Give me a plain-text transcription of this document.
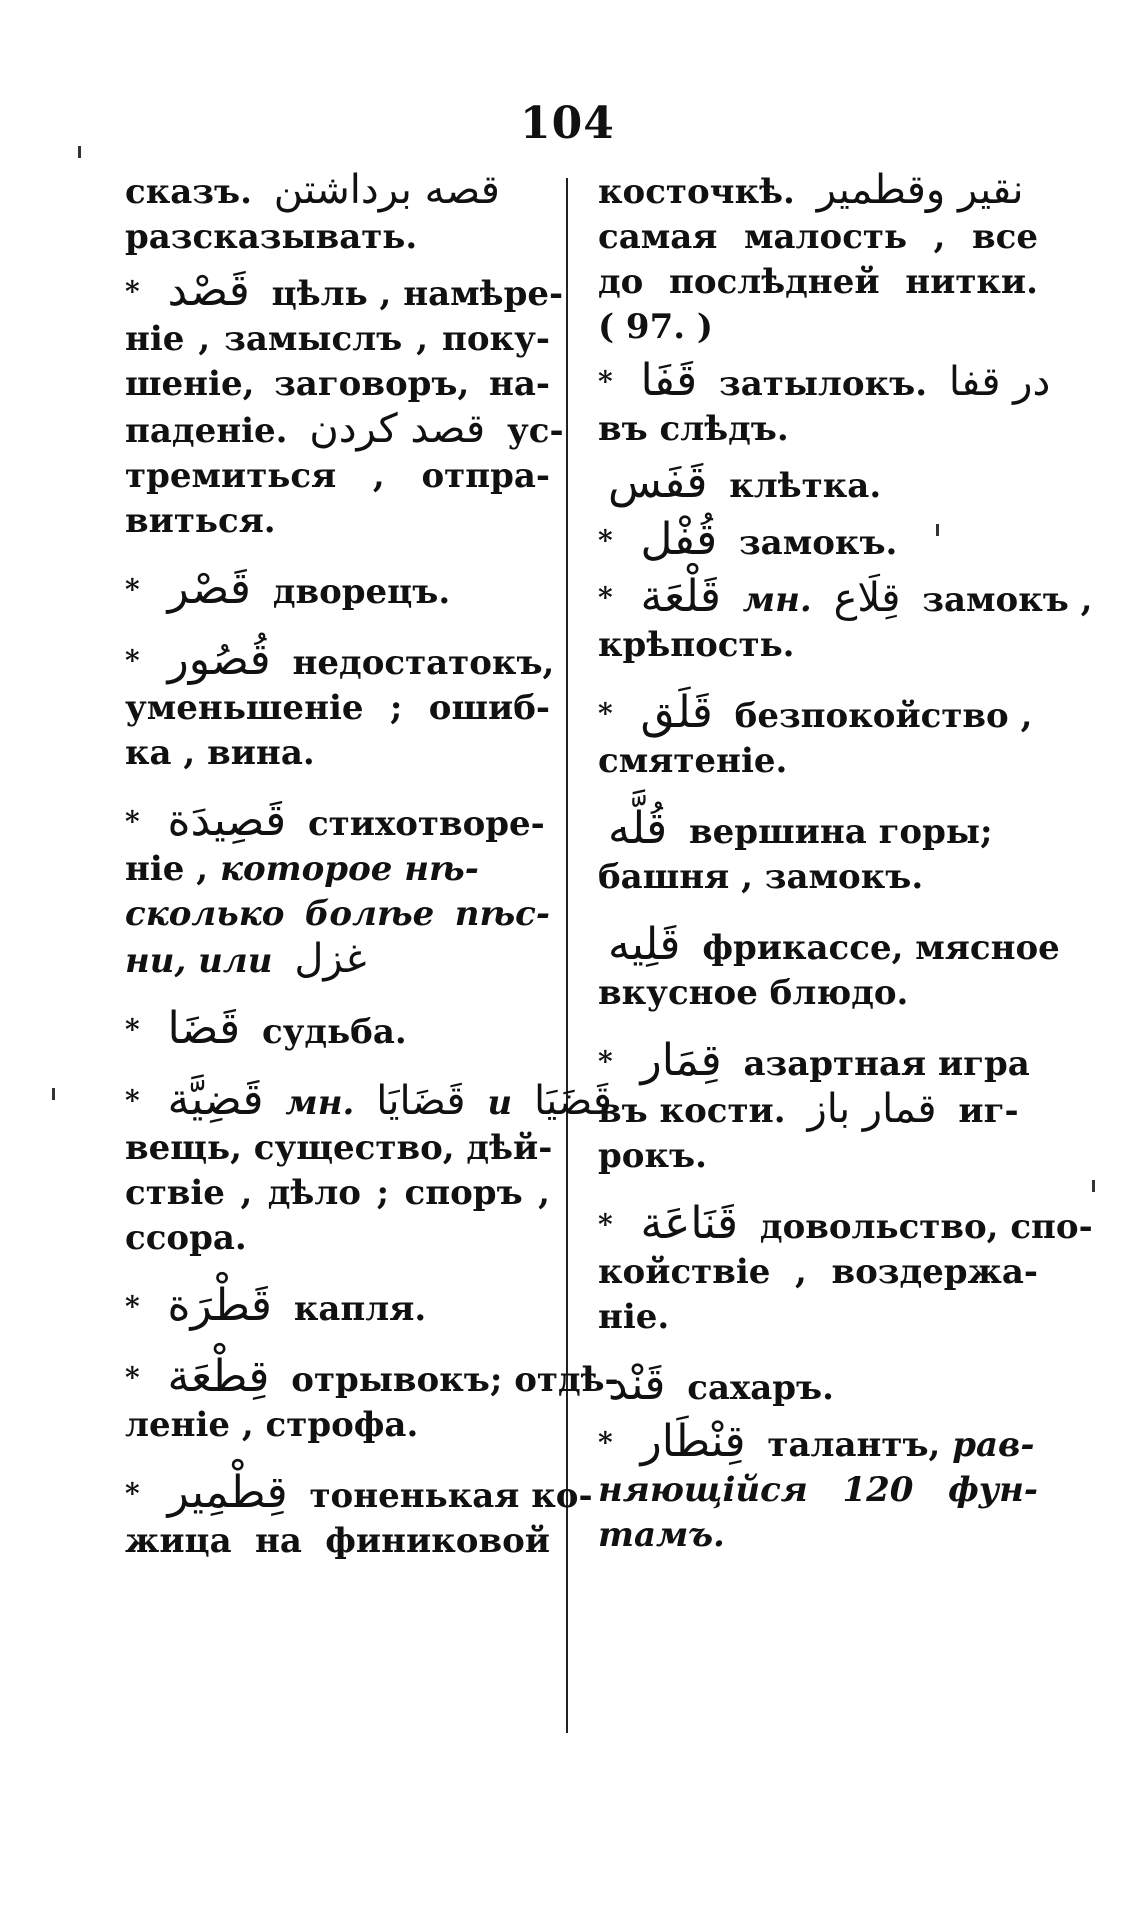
104
сказъ. قصه برداشتن
разсказывать.
* قَصْد цѣль , намѣре-
ніе , замыслъ , поку-
шеніе, заговоръ, на-
паденіе. قصد كردن ус-
тремиться , отпра-
виться.
* قَصْر дворецъ.
* قُصُور недостатокъ,
уменьшеніе ; ошиб-
ка , вина.
* قَصِيدَة стихотворе-
ніе , которое нѣ-
сколько болѣе пѣс-
ни, или غزل
* قَضَا судьба.
* قَضِيَّة мн. قَضَايَا и قَضَيَا
вещь, существо, дѣй-
ствіе , дѣло ; споръ ,
ссора.
* قَطْرَة капля.
* قِطْعَة отрывокъ; отдѣ-
леніе , строфа.
* قِطْمِير тоненькая ко-
жица на финиковой
косточкѣ. نقير وقطمير
самая малость , все
до послѣдней нитки.
( 97. )
* قَفَا затылокъ. در قفا
въ слѣдъ.
قَفَس клѣтка.
* قُفْل замокъ.
* قَلْعَة мн. قِلَاع замокъ ,
крѣпость.
* قَلَق безпокойство ,
смятеніе.
قُلَّه вершина горы;
башня , замокъ.
قَلِيه фрикассе, мясное
вкусное блюдо.
* قِمَار азартная игра
въ кости. قمار باز иг-
рокъ.
* قَنَاعَة довольство, спо-
койствіе , воздержа-
ніе.
قَنْد сахаръ.
* قِنْطَار талантъ, рав-
няющійся 120 фун-
тамъ.
